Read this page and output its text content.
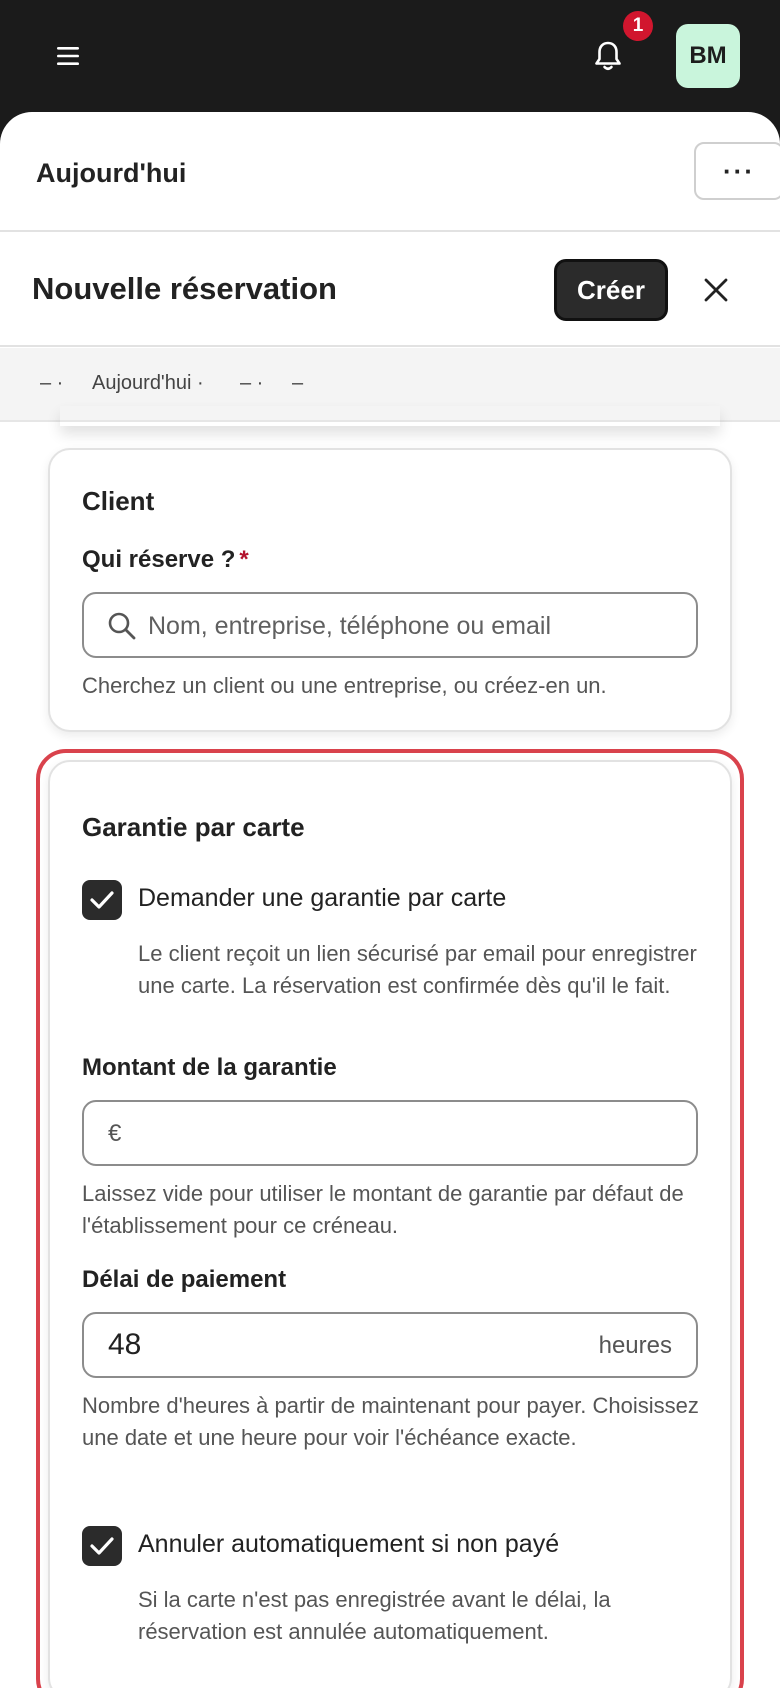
1
BM
Aujourd'hui	···
Nouvelle réservation	Créer
– · Aujourd'hui · – · –
Client
Qui réserve ? *
Nom, entreprise, téléphone ou email
Cherchez un client ou une entreprise, ou créez-en un.
Garantie par carte
Demander une garantie par carte
Le client reçoit un lien sécurisé par email pour enregistrer une carte. La réservation est confirmée dès qu'il le fait.
Montant de la garantie
€
Laissez vide pour utiliser le montant de garantie par défaut de l'établissement pour ce créneau.
Délai de paiement
48	heures
Nombre d'heures à partir de maintenant pour payer. Choisissez une date et une heure pour voir l'échéance exacte.
Annuler automatiquement si non payé
Si la carte n'est pas enregistrée avant le délai, la réservation est annulée automatiquement.
